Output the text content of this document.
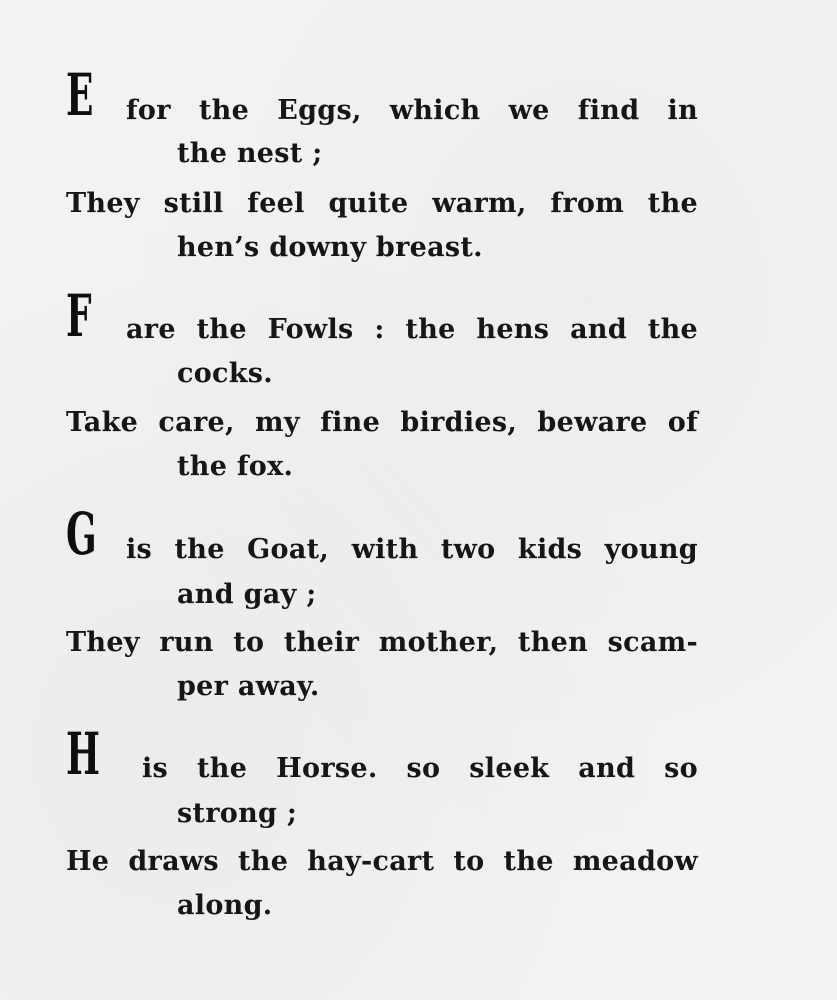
E for the Eggs, which we find in
the nest ;
They still feel quite warm, from the
hen’s downy breast.
F are the Fowls : the hens and the
cocks.
Take care, my fine birdies, beware of
the fox.
G is the Goat, with two kids young
and gay ;
They run to their mother, then scam-
per away.
H is the Horse. so sleek and so
strong ;
He draws the hay-cart to the meadow
along.
